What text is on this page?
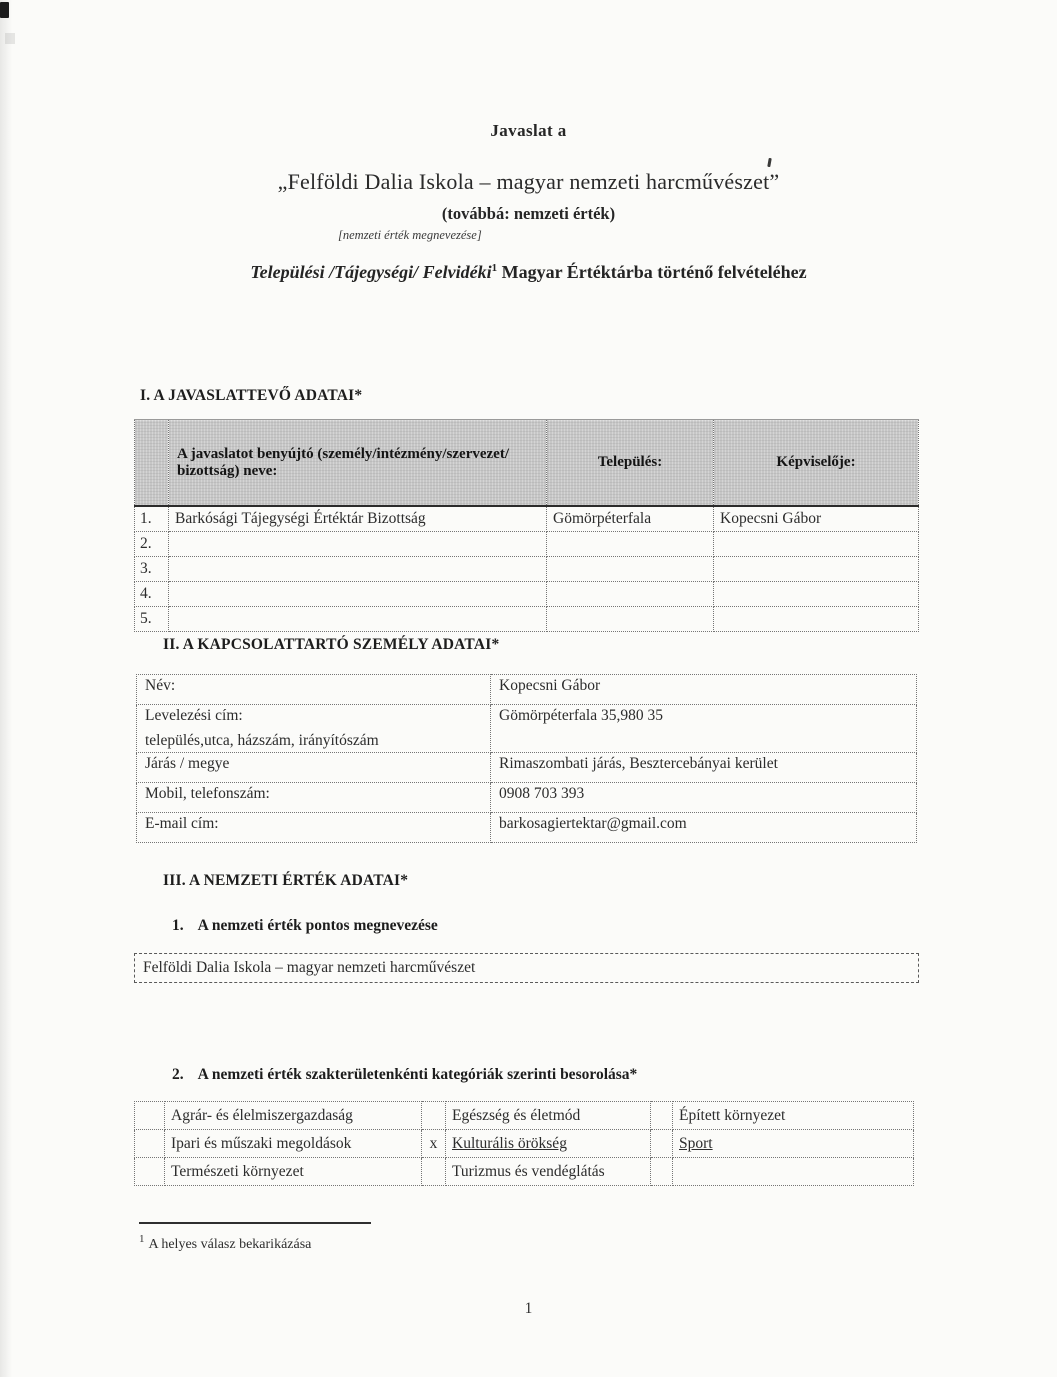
Javaslat a
„Felföldi Dalia Iskola – magyar nemzeti harcművészet”
(továbbá: nemzeti érték)
[nemzeti érték megnevezése]
Települési /Tájegységi/ Felvidéki$^1$ Magyar Értéktárba történő felvételéhez
I. A JAVASLATTEVŐ ADATAI*
	A javaslatot benyújtó (személy/intézmény/szervezet/ bizottság) neve:	Település:	Képviselője:
1.	Barkósági Tájegységi Értéktár Bizottság	Gömörpéterfala	Kopecsni Gábor
2.			
3.			
4.			
5.			
II. A KAPCSOLATTARTÓ SZEMÉLY ADATAI*
Név:	Kopecsni Gábor
Levelezési cím:
település,utca, házszám, irányítószám	Gömörpéterfala 35,980 35
Járás / megye	Rimaszombati járás, Besztercebányai kerület
Mobil, telefonszám:	0908 703 393
E-mail cím:	barkosagiertektar@gmail.com
III. A NEMZETI ÉRTÉK ADATAI*
1. A nemzeti érték pontos megnevezése
Felföldi Dalia Iskola – magyar nemzeti harcművészet
2. A nemzeti érték szakterületenkénti kategóriák szerinti besorolása*
	Agrár- és élelmiszergazdaság		Egészség és életmód		Épített környezet
	Ipari és műszaki megoldások	x	Kulturális örökség		Sport
	Természeti környezet		Turizmus és vendéglátás		
$^1$ A helyes válasz bekarikázása
1
